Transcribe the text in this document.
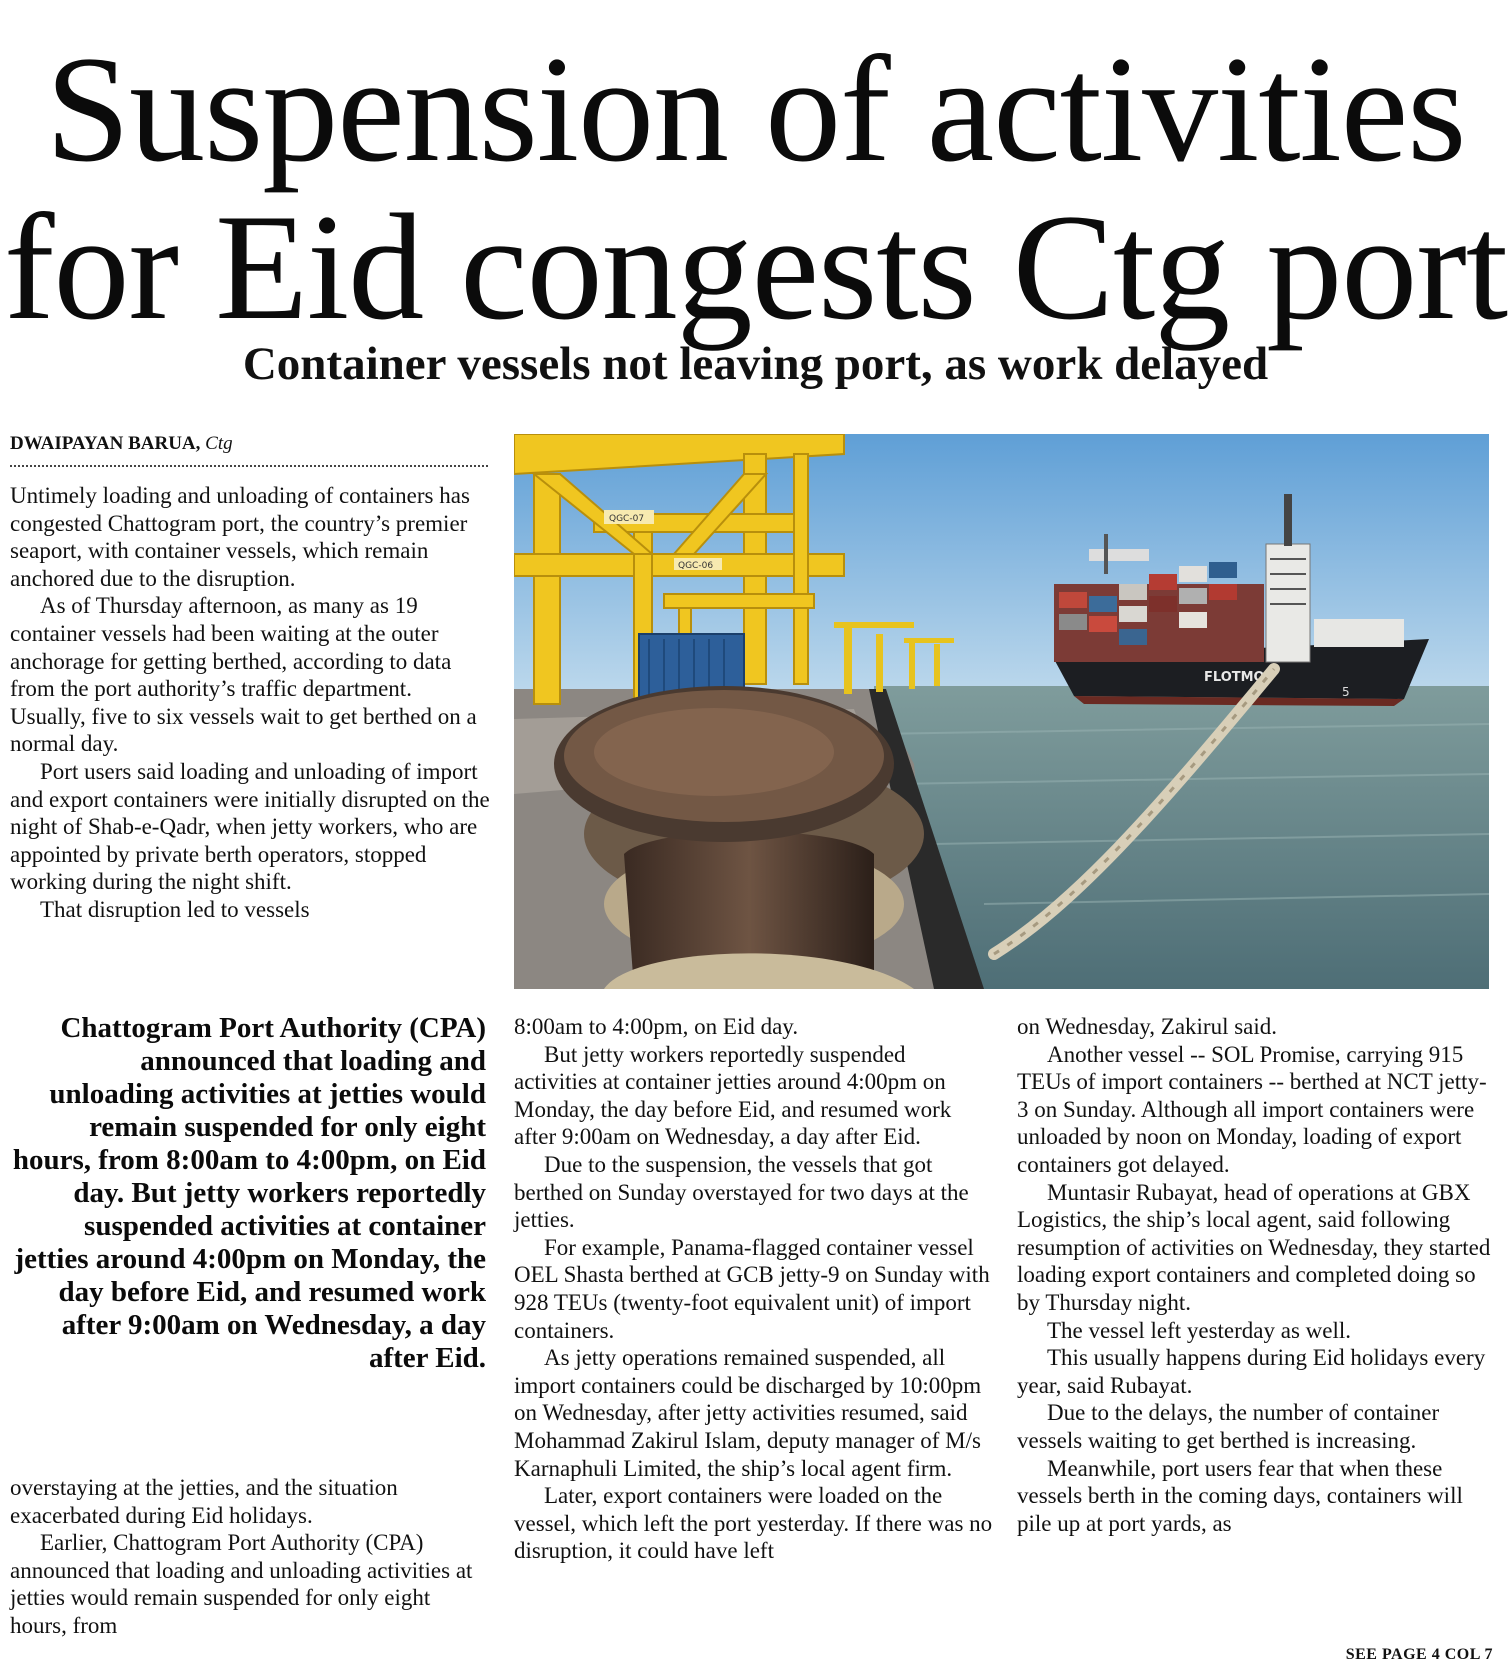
Suspension of activities
for Eid congests Ctg port
Container vessels not leaving port, as work delayed
DWAIPAYAN BARUA, Ctg

Untimely loading and unloading of containers has congested Chattogram port, the country’s premier seaport, with container vessels, which remain anchored due to the disruption.

As of Thursday afternoon, as many as 19 container vessels had been waiting at the outer anchorage for getting berthed, according to data from the port authority’s traffic department. Usually, five to six vessels wait to get berthed on a normal day.

Port users said loading and unloading of import and export containers were initially disrupted on the night of Shab-e-Qadr, when jetty workers, who are appointed by private berth operators, stopped working during the night shift.

That disruption led to vessels

QGC-07
QGC-06
FLOTMO
5

Chattogram Port Authority (CPA) announced that loading and unloading activities at jetties would remain suspended for only eight hours, from 8:00am to 4:00pm, on Eid day. But jetty workers reportedly suspended activities at container jetties around 4:00pm on Monday, the day before Eid, and resumed work after 9:00am on Wednesday, a day after Eid.

overstaying at the jetties, and the situation exacerbated during Eid holidays.

Earlier, Chattogram Port Authority (CPA) announced that loading and unloading activities at jetties would remain suspended for only eight hours, from

8:00am to 4:00pm, on Eid day.

But jetty workers reportedly suspended activities at container jetties around 4:00pm on Monday, the day before Eid, and resumed work after 9:00am on Wednesday, a day after Eid.

Due to the suspension, the vessels that got berthed on Sunday overstayed for two days at the jetties.

For example, Panama-flagged container vessel OEL Shasta berthed at GCB jetty-9 on Sunday with 928 TEUs (twenty-foot equivalent unit) of import containers.

As jetty operations remained suspended, all import containers could be discharged by 10:00pm on Wednesday, after jetty activities resumed, said Mohammad Zakirul Islam, deputy manager of M/s Karnaphuli Limited, the ship’s local agent firm.

Later, export containers were loaded on the vessel, which left the port yesterday. If there was no disruption, it could have left

on Wednesday, Zakirul said.

Another vessel -- SOL Promise, carrying 915 TEUs of import containers -- berthed at NCT jetty-3 on Sunday. Although all import containers were unloaded by noon on Monday, loading of export containers got delayed.

Muntasir Rubayat, head of operations at GBX Logistics, the ship’s local agent, said following resumption of activities on Wednesday, they started loading export containers and completed doing so by Thursday night.

The vessel left yesterday as well.

This usually happens during Eid holidays every year, said Rubayat.

Due to the delays, the number of container vessels waiting to get berthed is increasing.

Meanwhile, port users fear that when these vessels berth in the coming days, containers will pile up at port yards, as

SEE PAGE 4 COL 7
